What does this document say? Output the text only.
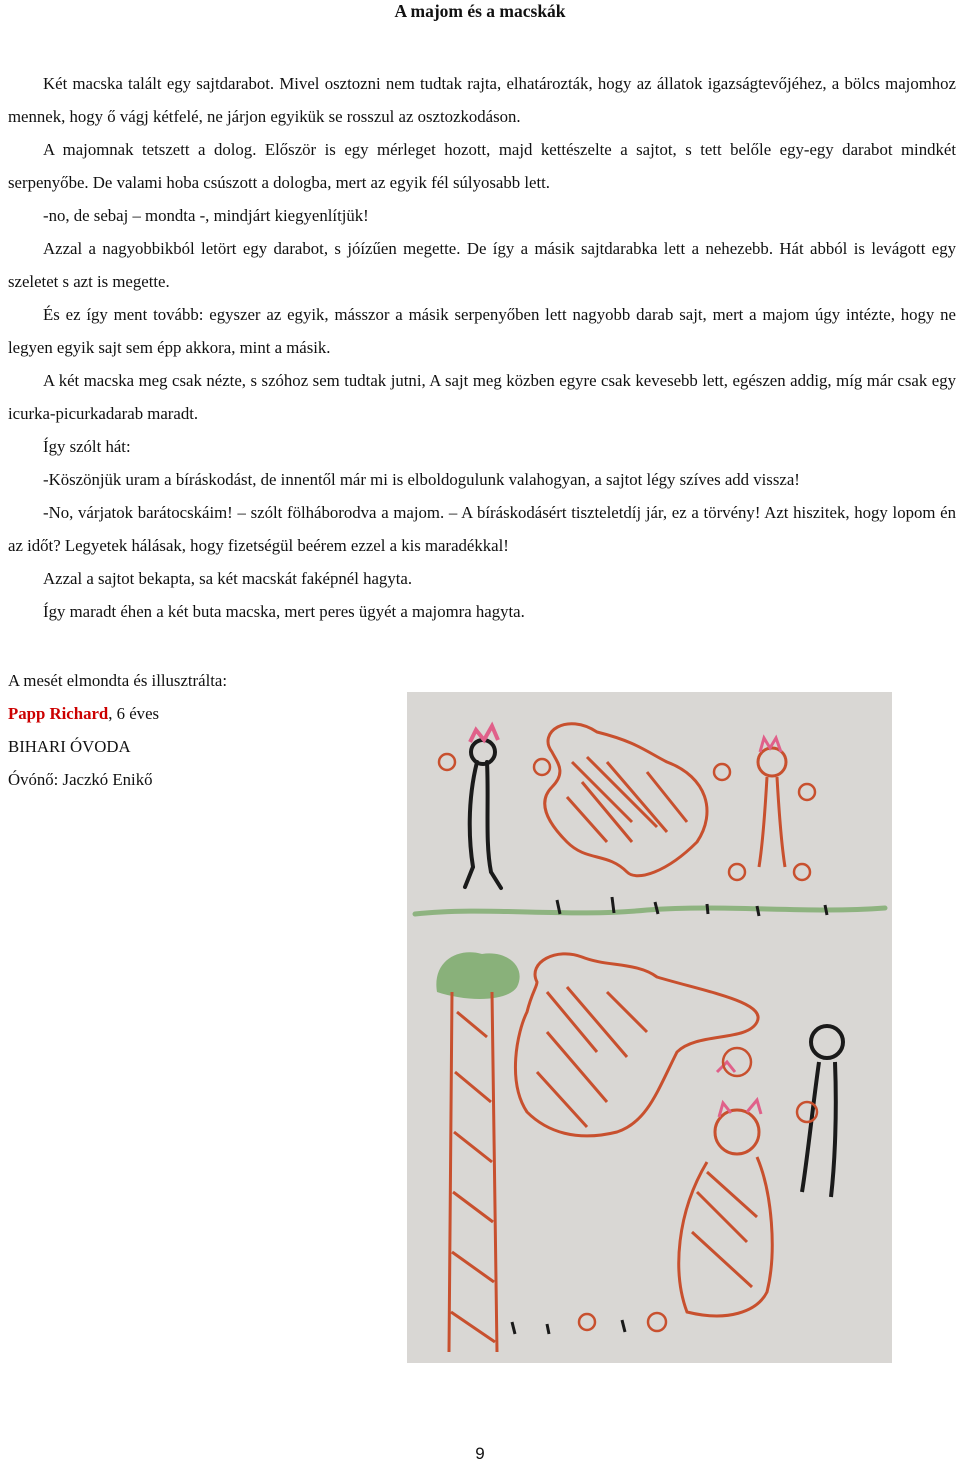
A majom és a macskák

Két macska talált egy sajtdarabot. Mivel osztozni nem tudtak rajta, elhatározták, hogy az állatok igazságtevőjéhez, a bölcs majomhoz mennek, hogy ő vágj kétfelé, ne járjon egyikük se rosszul az osztozkodáson.

A majomnak tetszett a dolog. Először is egy mérleget hozott, majd kettészelte a sajtot, s tett belőle egy-egy darabot mindkét serpenyőbe. De valami hoba csúszott a dologba, mert az egyik fél súlyosabb lett.

-no, de sebaj – mondta -, mindjárt kiegyenlítjük!

Azzal a nagyobbikból letört egy darabot, s jóízűen megette. De így a másik sajtdarabka lett a nehezebb. Hát abból is levágott egy szeletet s azt is megette.

És ez így ment tovább: egyszer az egyik, másszor a másik serpenyőben lett nagyobb darab sajt, mert a majom úgy intézte, hogy ne legyen egyik sajt sem épp akkora, mint a másik.

A két macska meg csak nézte, s szóhoz sem tudtak jutni, A sajt meg közben egyre csak kevesebb lett, egészen addig, míg már csak egy icurka-picurkadarab maradt.

Így szólt hát:

-Köszönjük uram a bíráskodást, de innentől már mi is elboldogulunk valahogyan, a sajtot légy szíves add vissza!

-No, várjatok barátocskáim! – szólt fölháborodva a majom. – A bíráskodásért tiszteletdíj jár, ez a törvény! Azt hiszitek, hogy lopom én az időt? Legyetek hálásak, hogy fizetségül beérem ezzel a kis maradékkal!

Azzal a sajtot bekapta, sa két macskát faképnél hagyta.

Így maradt éhen a két buta macska, mert peres ügyét a majomra hagyta.

A mesét elmondta és illusztrálta:
Papp Richard, 6 éves
BIHARI ÓVODA
Óvónő: Jaczkó Enikő
9
